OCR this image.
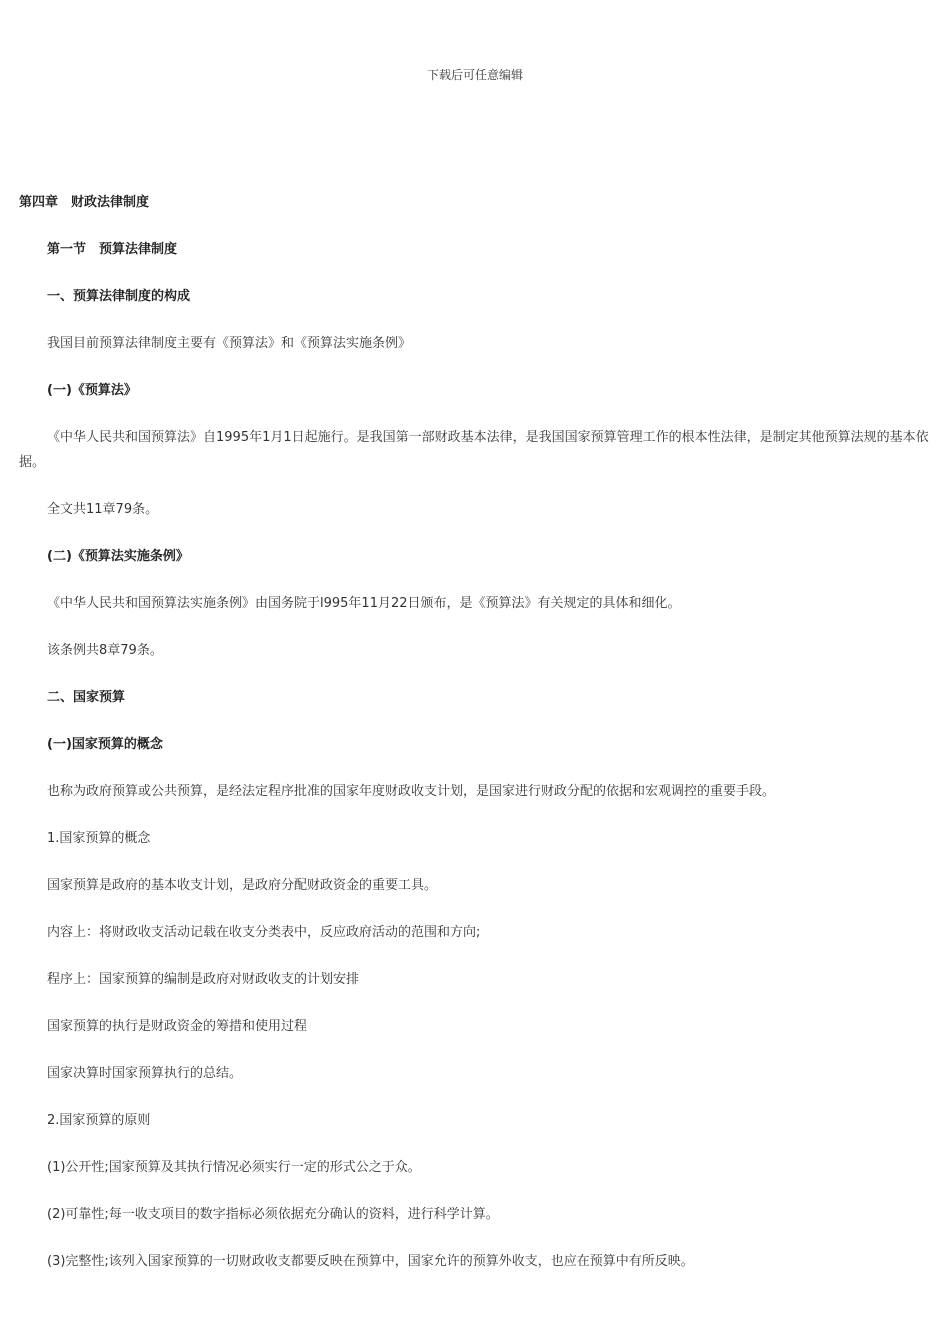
下载后可任意编辑

第四章　财政法律制度

第一节　预算法律制度

一、预算法律制度的构成

我国目前预算法律制度主要有《预算法》和《预算法实施条例》

(一)《预算法》

《中华人民共和国预算法》自1995年1月1日起施行。是我国第一部财政基本法律，是我国国家预算管理工作的根本性法律，是制定其他预算法规的基本依据。

全文共11章79条。

(二)《预算法实施条例》

《中华人民共和国预算法实施条例》由国务院于l995年11月22日颁布，是《预算法》有关规定的具体和细化。

该条例共8章79条。

二、国家预算

(一)国家预算的概念

也称为政府预算或公共预算，是经法定程序批准的国家年度财政收支计划，是国家进行财政分配的依据和宏观调控的重要手段。

1.国家预算的概念

国家预算是政府的基本收支计划，是政府分配财政资金的重要工具。

内容上：将财政收支活动记载在收支分类表中，反应政府活动的范围和方向;

程序上：国家预算的编制是政府对财政收支的计划安排

国家预算的执行是财政资金的筹措和使用过程

国家决算时国家预算执行的总结。

2.国家预算的原则

(1)公开性;国家预算及其执行情况必须实行一定的形式公之于众。

(2)可靠性;每一收支项目的数字指标必须依据充分确认的资料，进行科学计算。

(3)完整性;该列入国家预算的一切财政收支都要反映在预算中，国家允许的预算外收支，也应在预算中有所反映。
